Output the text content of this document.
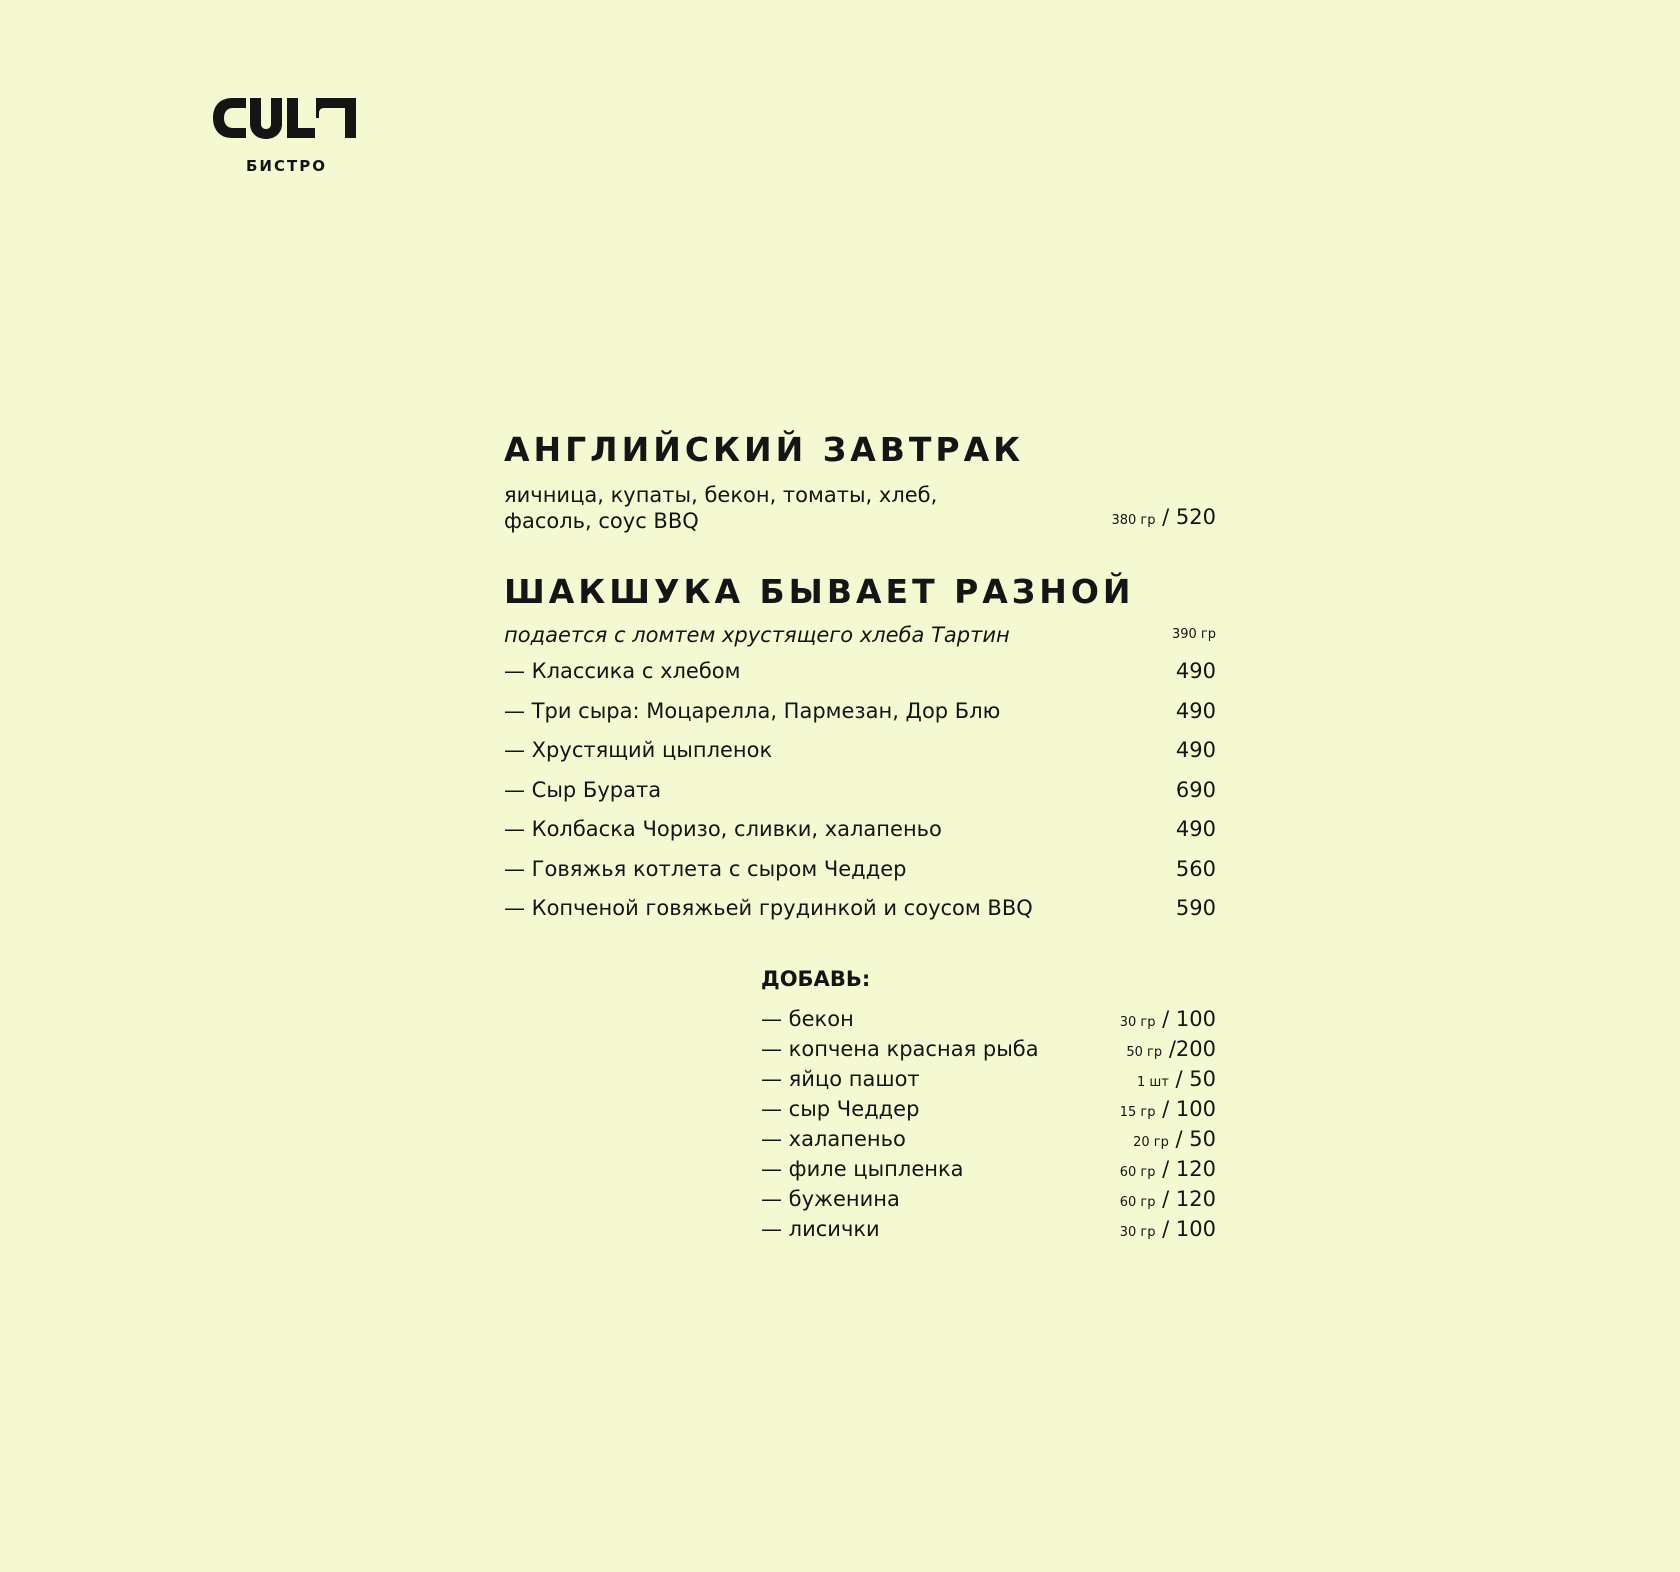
БИСТРО
АНГЛИЙСКИЙ ЗАВТРАК
яичница, купаты, бекон, томаты, хлеб,
фасоль, соус BBQ	380 гр / 520
ШАКШУКА БЫВАЕТ РАЗНОЙ
подается с ломтем хрустящего хлеба Тартин	390 гр
— Классика с хлебом	490
— Три сыра: Моцарелла, Пармезан, Дор Блю	490
— Хрустящий цыпленок	490
— Сыр Бурата	690
— Колбаска Чоризо, сливки, халапеньо	490
— Говяжья котлета с сыром Чеддер	560
— Копченой говяжьей грудинкой и соусом BBQ	590
ДОБАВЬ:
— бекон	30 гр / 100
— копчена красная рыба	50 гр /200
— яйцо пашот	1 шт / 50
— сыр Чеддер	15 гр / 100
— халапеньо	20 гр / 50
— филе цыпленка	60 гр / 120
— буженина	60 гр / 120
— лисички	30 гр / 100
